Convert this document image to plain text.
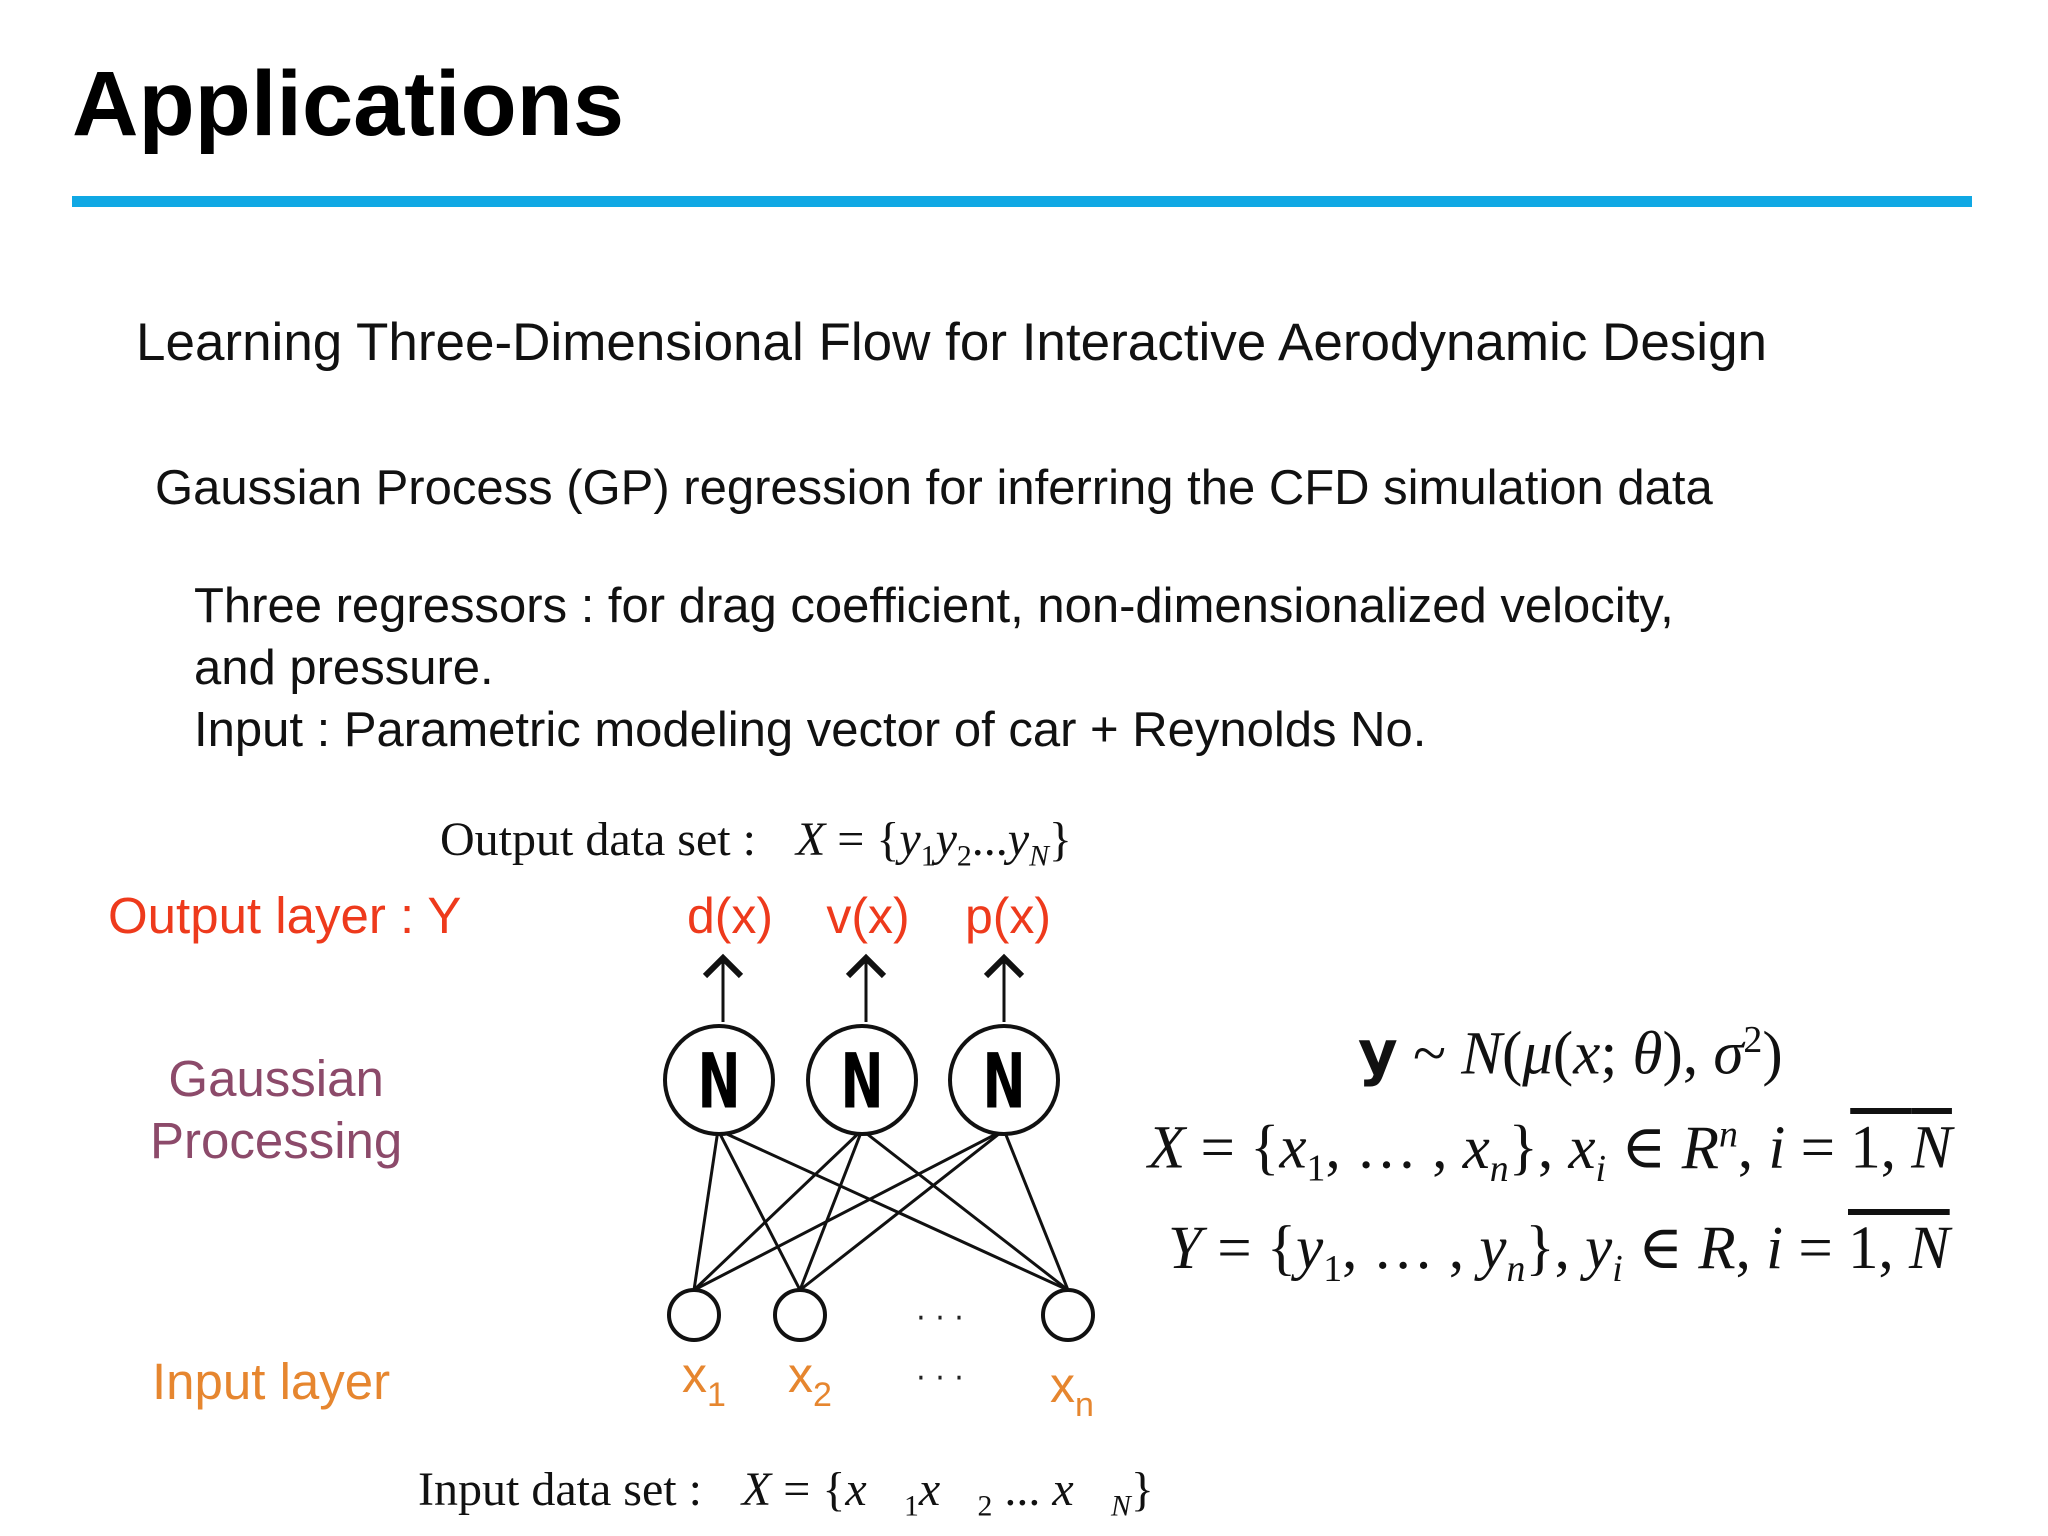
Applications
Learning Three-Dimensional Flow for Interactive Aerodynamic Design
Gaussian Process (GP) regression for inferring the CFD simulation data
Three regressors : for drag coefficient, non-dimensionalized velocity,
and pressure.
Input : Parametric modeling vector of car + Reynolds No.
Output data set : $X = \{y_1y_2...y_N\}$
Output layer : Y
Gaussian
Processing
Input layer
N N N
d(x) v(x) p(x)
$x_1$ $x_2$	$x_n$
· · ·
· · ·
y ~ N(μ(x; θ), $\sigma^2$)
$X = \{x_1$, … , $x_n$}, $x_i$ ∈ $R^n$, i = 1, N
$Y = \{y_1$, … , $y_n$}, $y_i$ ∈ R, i = 1, N
Input data set : $X = \{x⃗_1x⃗_2$ ... $x⃗_N$}
